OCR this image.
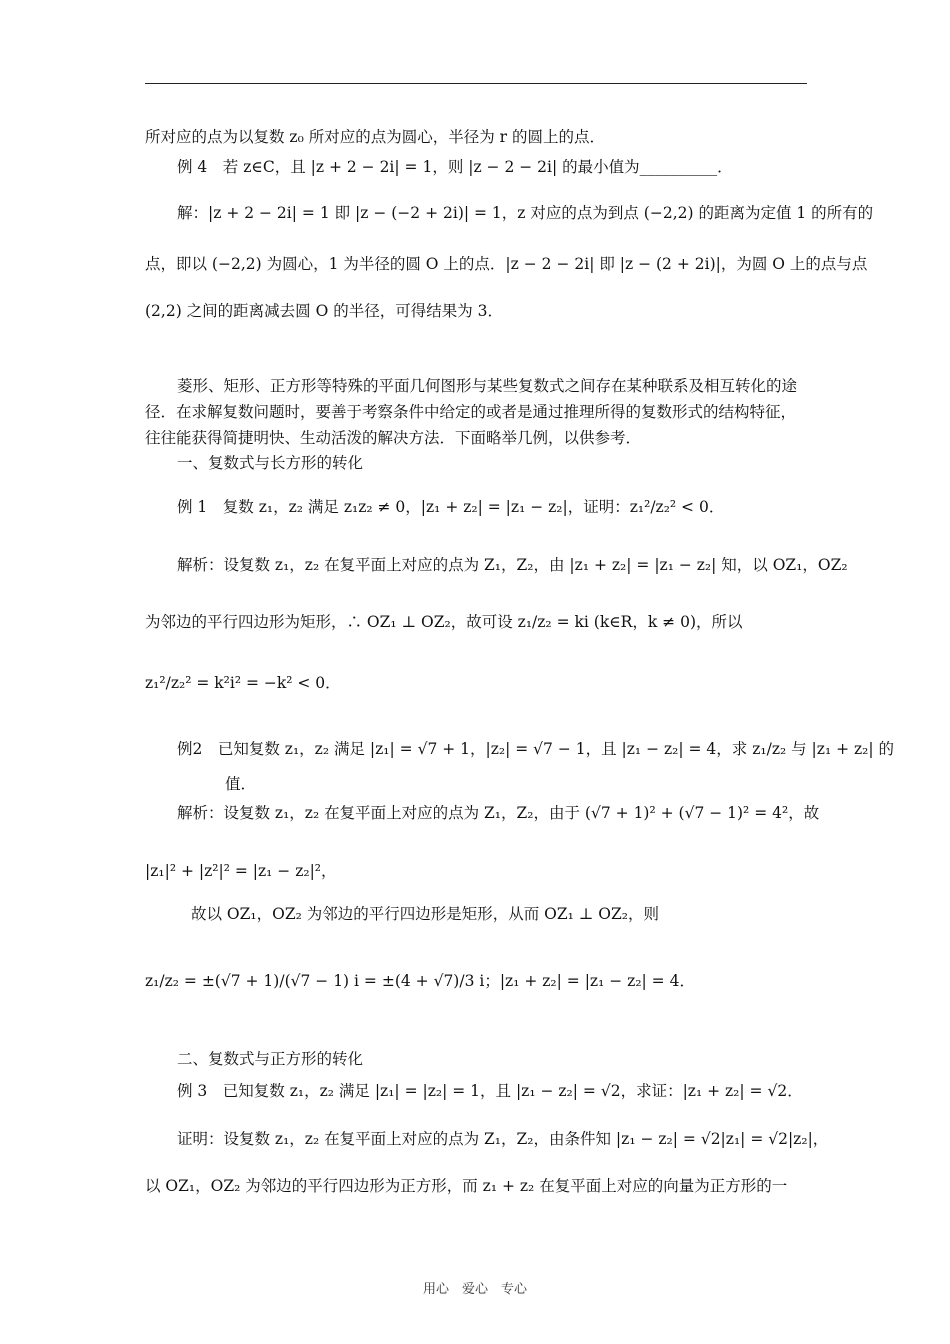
所对应的点为以复数 z₀ 所对应的点为圆心，半径为 r 的圆上的点．
例 4　若 z∈C，且 |z + 2 − 2i| = 1，则 |z − 2 − 2i| 的最小值为__________．
解：|z + 2 − 2i| = 1 即 |z − (−2 + 2i)| = 1，z 对应的点为到点 (−2,2) 的距离为定值 1 的所有的
点，即以 (−2,2) 为圆心，1 为半径的圆 O 上的点．|z − 2 − 2i| 即 |z − (2 + 2i)|，为圆 O 上的点与点
(2,2) 之间的距离减去圆 O 的半径，可得结果为 3．
菱形、矩形、正方形等特殊的平面几何图形与某些复数式之间存在某种联系及相互转化的途径．在求解复数问题时，要善于考察条件中给定的或者是通过推理所得的复数形式的结构特征，往往能获得简捷明快、生动活泼的解决方法．下面略举几例，以供参考．
一、复数式与长方形的转化
例 1　复数 z₁，z₂ 满足 z₁z₂ ≠ 0，|z₁ + z₂| = |z₁ − z₂|，证明：z₁²/z₂² < 0．
解析：设复数 z₁，z₂ 在复平面上对应的点为 Z₁，Z₂，由 |z₁ + z₂| = |z₁ − z₂| 知，以 OZ₁，OZ₂
为邻边的平行四边形为矩形，∴ OZ₁ ⊥ OZ₂，故可设 z₁/z₂ = ki (k∈R，k ≠ 0)，所以
z₁²/z₂² = k²i² = −k² < 0．
例2　已知复数 z₁，z₂ 满足 |z₁| = √7 + 1，|z₂| = √7 − 1，且 |z₁ − z₂| = 4，求 z₁/z₂ 与 |z₁ + z₂| 的
值．
解析：设复数 z₁，z₂ 在复平面上对应的点为 Z₁，Z₂，由于 (√7 + 1)² + (√7 − 1)² = 4²，故
|z₁|² + |z²|² = |z₁ − z₂|²，
故以 OZ₁，OZ₂ 为邻边的平行四边形是矩形，从而 OZ₁ ⊥ OZ₂，则
z₁/z₂ = ±(√7 + 1)/(√7 − 1) i = ±(4 + √7)/3 i；|z₁ + z₂| = |z₁ − z₂| = 4．
二、复数式与正方形的转化
例 3　已知复数 z₁，z₂ 满足 |z₁| = |z₂| = 1，且 |z₁ − z₂| = √2，求证：|z₁ + z₂| = √2．
证明：设复数 z₁，z₂ 在复平面上对应的点为 Z₁，Z₂，由条件知 |z₁ − z₂| = √2|z₁| = √2|z₂|，
以 OZ₁，OZ₂ 为邻边的平行四边形为正方形，而 z₁ + z₂ 在复平面上对应的向量为正方形的一
用心　爱心　专心
